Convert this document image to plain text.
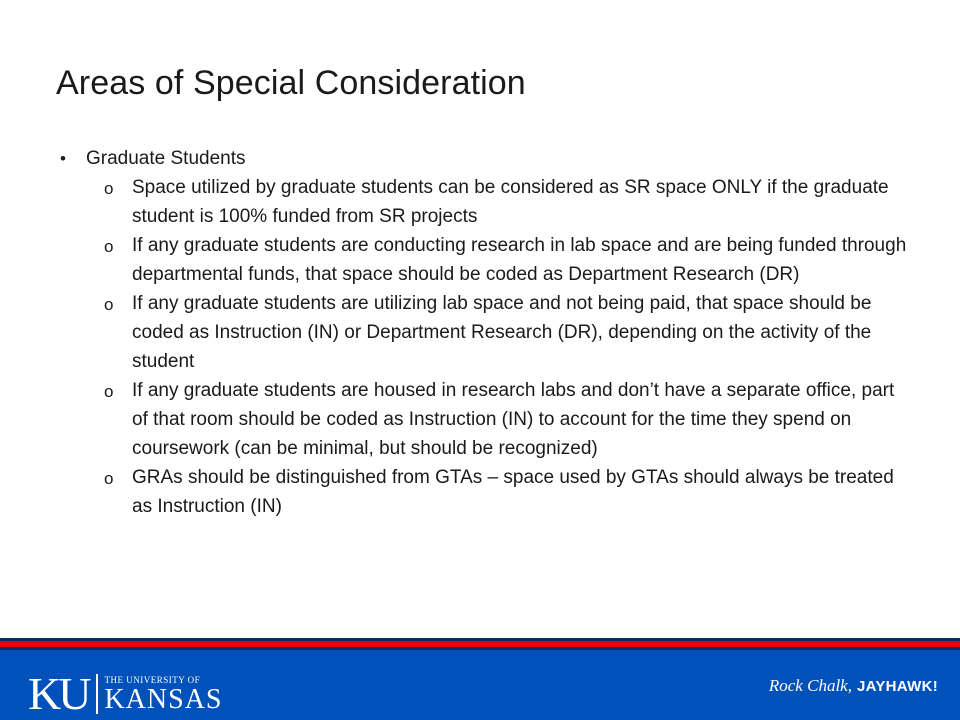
Areas of Special Consideration
•	Graduate Students
o Space utilized by graduate students can be considered as SR space ONLY if the graduate student is 100% funded from SR projects
o If any graduate students are conducting research in lab space and are being funded through departmental funds, that space should be coded as Department Research (DR)
o If any graduate students are utilizing lab space and not being paid, that space should be coded as Instruction (IN) or Department Research (DR), depending on the activity of the student
o If any graduate students are housed in research labs and don’t have a separate office, part of that room should be coded as Instruction (IN) to account for the time they spend on coursework (can be minimal, but should be recognized)
o GRAs should be distinguished from GTAs – space used by GTAs should always be treated as Instruction (IN)
KU THE UNIVERSITY OF
KANSAS	Rock Chalk, JAYHAWK!
